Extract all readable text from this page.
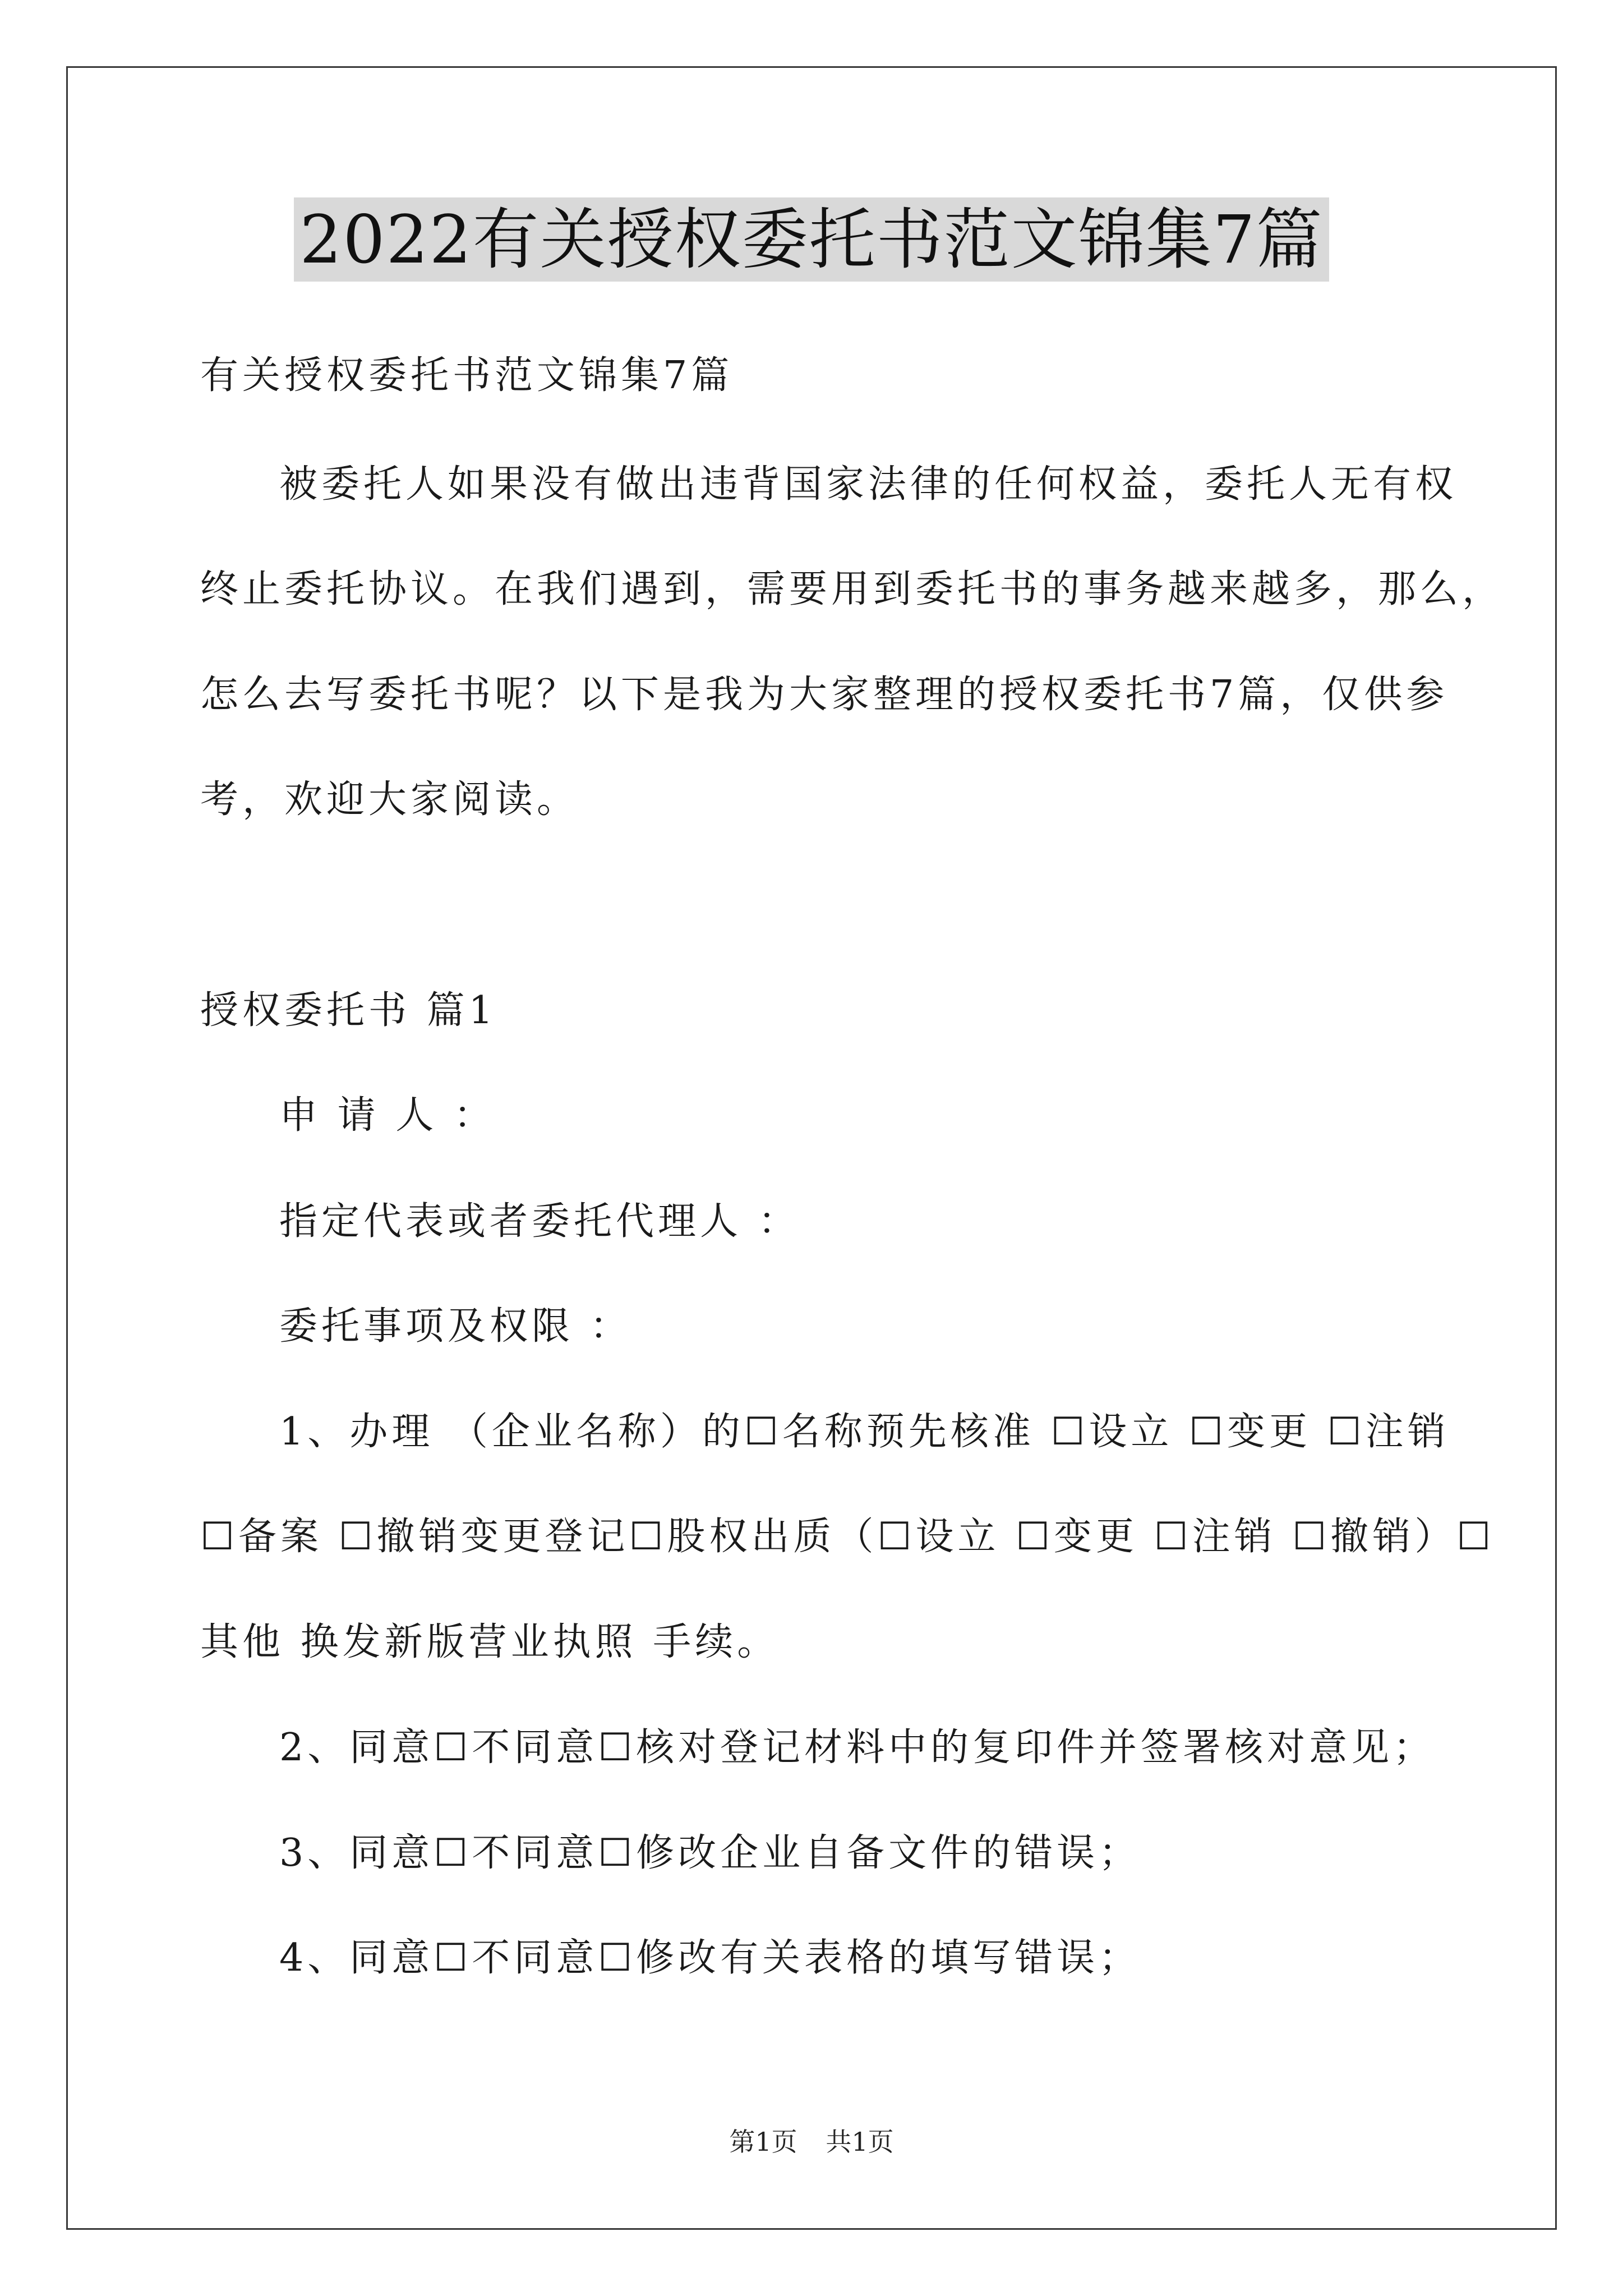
2022有关授权委托书范文锦集7篇
有关授权委托书范文锦集7篇
被委托人如果没有做出违背国家法律的任何权益，委托人无有权
终止委托协议。在我们遇到，需要用到委托书的事务越来越多，那么，
怎么去写委托书呢？以下是我为大家整理的授权委托书7篇，仅供参
考，欢迎大家阅读。
授权委托书 篇1
申 请 人 ：
指定代表或者委托代理人 ：
委托事项及权限 ：
1、办理 （企业名称）的☐名称预先核准 ☐设立 ☐变更 ☐注销
☐备案 ☐撤销变更登记☐股权出质（☐设立 ☐变更 ☐注销 ☐撤销）☐
其他 换发新版营业执照 手续。
2、同意☐不同意☐核对登记材料中的复印件并签署核对意见；
3、同意☐不同意☐修改企业自备文件的错误；
4、同意☐不同意☐修改有关表格的填写错误；
第1页 共1页
